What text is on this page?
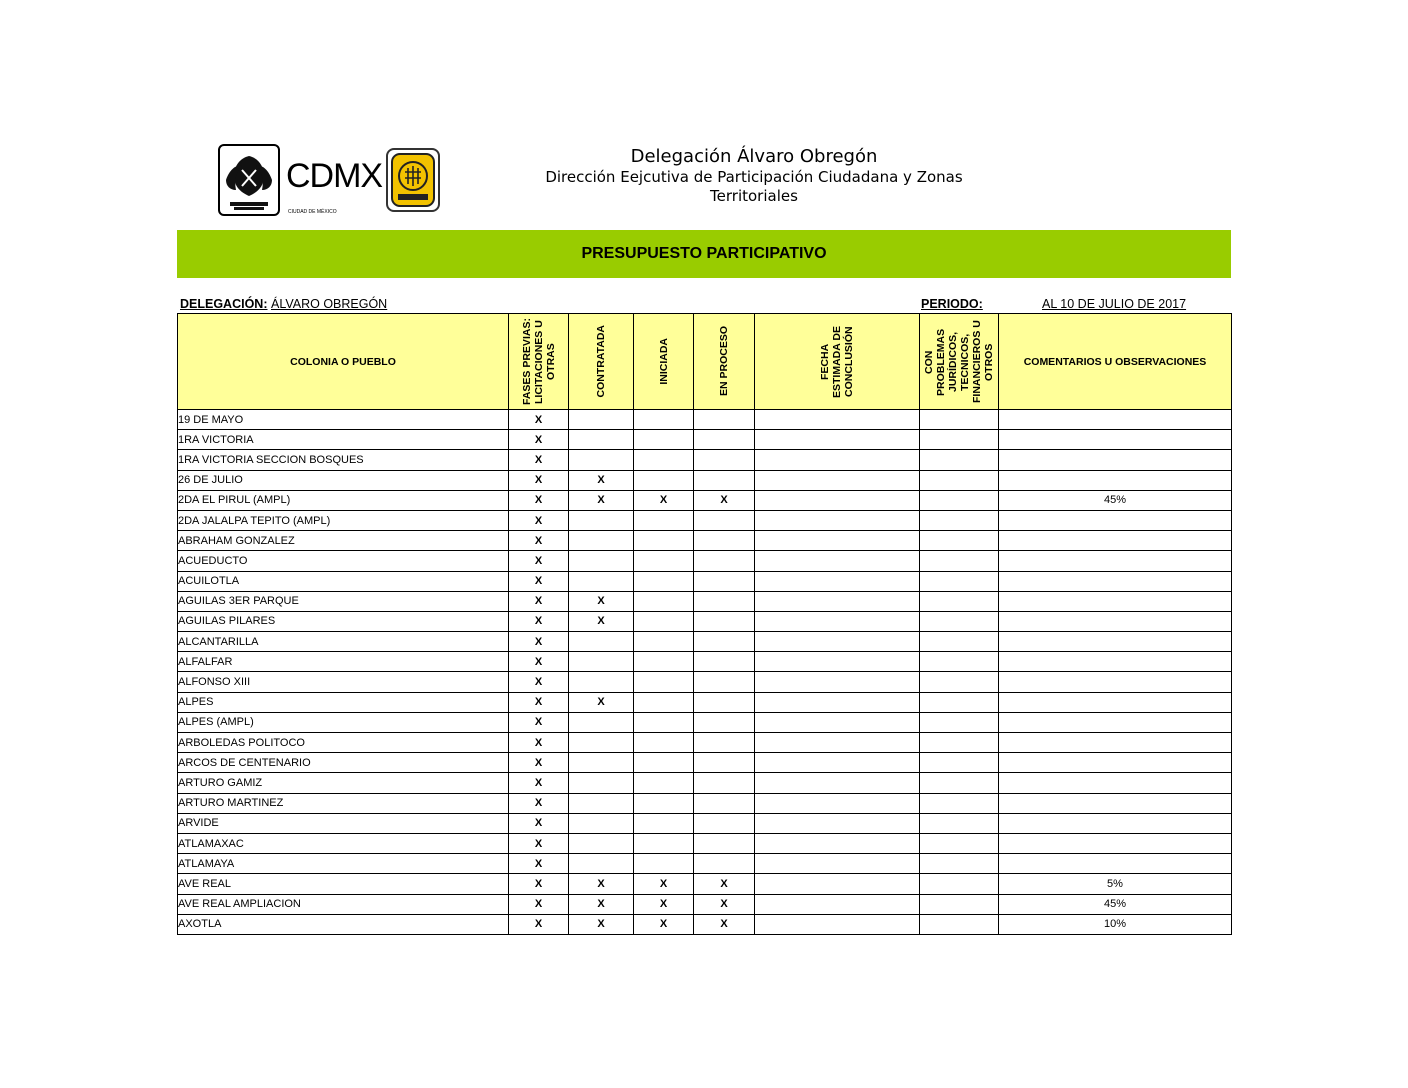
CDMX
CIUDAD DE MÉXICO
Delegación Álvaro Obregón
Dirección Eejcutiva de Participación Ciudadana y Zonas
Territoriales
PRESUPUESTO PARTICIPATIVO
DELEGACIÓN: ÁLVARO OBREGÓN	PERIODO:	AL 10 DE JULIO DE 2017
COLONIA O PUEBLO	FASES PREVIAS: LICITACIONES U OTRAS	CONTRATADA	INICIADA	EN PROCESO	FECHA ESTIMADA DE CONCLUSIÓN	CON PROBLEMAS JURÍDICOS, TECNICOS, FINANCIEROS U OTROS	COMENTARIOS U OBSERVACIONES
19 DE MAYO	X						
1RA VICTORIA	X						
1RA VICTORIA SECCION BOSQUES	X						
26 DE JULIO	X	X					
2DA EL PIRUL (AMPL)	X	X	X	X			45%
2DA JALALPA TEPITO (AMPL)	X						
ABRAHAM GONZALEZ	X						
ACUEDUCTO	X						
ACUILOTLA	X						
AGUILAS 3ER PARQUE	X	X					
AGUILAS PILARES	X	X					
ALCANTARILLA	X						
ALFALFAR	X						
ALFONSO XIII	X						
ALPES	X	X					
ALPES (AMPL)	X						
ARBOLEDAS POLITOCO	X						
ARCOS DE CENTENARIO	X						
ARTURO GAMIZ	X						
ARTURO MARTINEZ	X						
ARVIDE	X						
ATLAMAXAC	X						
ATLAMAYA	X						
AVE REAL	X	X	X	X			5%
AVE REAL AMPLIACION	X	X	X	X			45%
AXOTLA	X	X	X	X			10%
